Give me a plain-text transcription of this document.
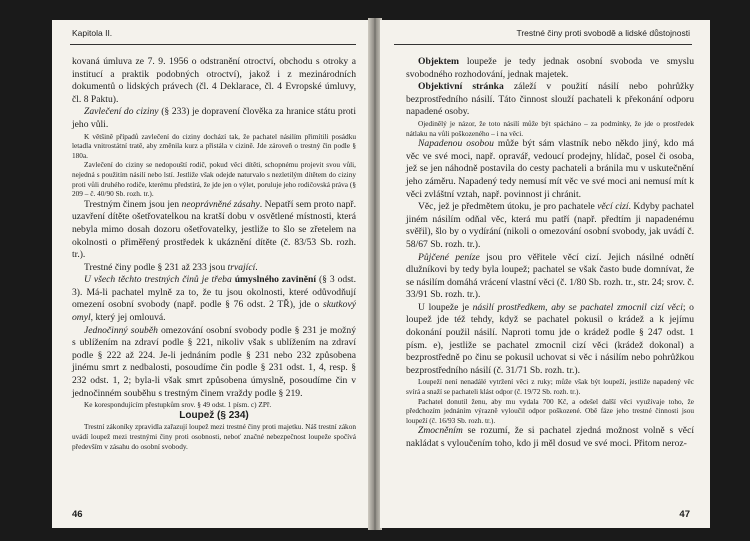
Kapitola II.

kovaná úmluva ze 7. 9. 1956 o odstranění otroctví, obchodu s otroky a institucí a praktik podobných otroctví), jakož i z mezinárodních dokumentů o lidských právech (čl. 4 Deklarace, čl. 4 Evropské úmluvy, čl. 8 Paktu).

Zavlečení do ciziny (§ 233) je dopravení člověka za hranice státu proti jeho vůli.

K většině případů zavlečení do ciziny dochází tak, že pachatel násilím přimítili posádku letadla vnitrostátní tratě, aby změnila kurz a přistála v cizině. Jde zároveň o trestný čin podle § 180a.

Zavlečení do ciziny se nedopouští rodič, pokud věci dítěti, schopnému projevit svou vůli, nejedná s použitím násilí nebo lstí. Jestliže však odejde naturvalo s nezletilým dítětem do ciziny proti vůli druhého rodiče, kterému předstírá, že jde jen o výlet, poruluje jeho rodičovská práva (§ 209 – č. 40/90 Sb. rozh. tr.).

Trestným činem jsou jen neoprávněné zásahy. Nepatří sem proto např. uzavření dítěte ošetřovatelkou na kratší dobu v osvětlené místnosti, která nebyla mimo dosah dozoru ošetřovatelky, jestliže to šlo se zřetelem na okolnosti o přiměřený prostředek k ukáznění dítěte (č. 83/53 Sb. rozh. tr.).

Trestné činy podle § 231 až 233 jsou trvající.

U všech těchto trestných činů je třeba úmyslného zavinění (§ 3 odst. 3). Má-li pachatel mylně za to, že tu jsou okolnosti, které odůvodňují omezení osobní svobody (např. podle § 76 odst. 2 TŘ), jde o skutkový omyl, který jej omlouvá.

Jednočinný souběh omezování osobní svobody podle § 231 je možný s ublížením na zdraví podle § 221, nikoliv však s ublížením na zdraví podle § 222 až 224. Je-li jednáním podle § 231 nebo 232 způsobena jinému smrt z nedbalosti, posoudíme čin podle § 231 odst. 1, 4, resp. § 232 odst. 1, 2; byla-li však smrt způsobena úmyslně, posoudíme čin v jednočinném souběhu s trestným činem vraždy podle § 219.

Ke korespondujícím přestupkům srov. § 49 odst. 1 písm. c) ZPř.

Loupež (§ 234)

Trestní zákoníky zpravidla zařazují loupež mezi trestné činy proti majetku. Náš trestní zákon uvádí loupež mezi trestnými činy proti osobnosti, neboť značné nebezpečnost loupeže spočívá především v zásahu do osobní svobody.

46
Trestné činy proti svobodě a lidské důstojnosti

Objektem loupeže je tedy jednak osobní svoboda ve smyslu svobodného rozhodování, jednak majetek.

Objektivní stránka záleží v použití násilí nebo pohrůžky bezprostředního násilí. Táto činnost slouží pachateli k překonání odporu napadené osoby.

Ojedinělý je názor, že toto násilí může být spácháno – za podmínky, že jde o prostředek nátlaku na vůli poškozeného – i na věci.

Napadenou osobou může být sám vlastník nebo někdo jiný, kdo má věc ve své moci, např. opravář, vedoucí prodejny, hlídač, posel či osoba, jež se jen náhodně postavila do cesty pachateli a bránila mu v uskutečnění jeho záměru. Napadený tedy nemusí mít věc ve své moci ani nemusí mít k věci zvláštní vztah, např. povinnost ji chránit.

Věc, jež je předmětem útoku, je pro pachatele věcí cizí. Kdyby pachatel jiném násilím odňal věc, která mu patří (např. předtím ji napadenému svěřil), šlo by o vydírání (nikoli o omezování osobní svobody, jak uvádí č. 58/67 Sb. rozh. tr.).

Půjčené peníze jsou pro věřitele věcí cizí. Jejich násilné odnětí dlužníkovi by tedy byla loupež; pachatel se však často bude domnívat, že se násilím domáhá vrácení vlastní věci (č. 1/80 Sb. rozh. tr., str. 24; srov. č. 33/91 Sb. rozh. tr.).

U loupeže je násilí prostředkem, aby se pachatel zmocnil cizí věci; o loupež jde též tehdy, když se pachatel pokusil o krádež a k jejímu dokonání použil násilí. Naproti tomu jde o krádež podle § 247 odst. 1 písm. e), jestliže se pachatel zmocnil cizí věci (krádež dokonal) a bezprostředně po činu se pokusil uchovat si věc i násilím nebo pohrůžkou bezprostředního násilí (č. 31/71 Sb. rozh. tr.).

Loupeží není nenadálé vytržení věci z ruky; může však být loupeží, jestliže napadený věc svírá a snaží se pachateli klást odpor (č. 19/72 Sb. rozh. tr.).

Pachatel donutil ženu, aby mu vydala 700 Kč, a odešel další věci využívaje toho, že předchozím jednáním výrazně vyloučil odpor poškozené. Obě fáze jeho trestné činnosti jsou loupeží (č. 16/93 Sb. rozh. tr.).

Zmocněním se rozumí, že si pachatel zjedná možnost volně s věcí nakládat s vyloučením toho, kdo ji měl dosud ve své moci. Přitom neroz-

47
